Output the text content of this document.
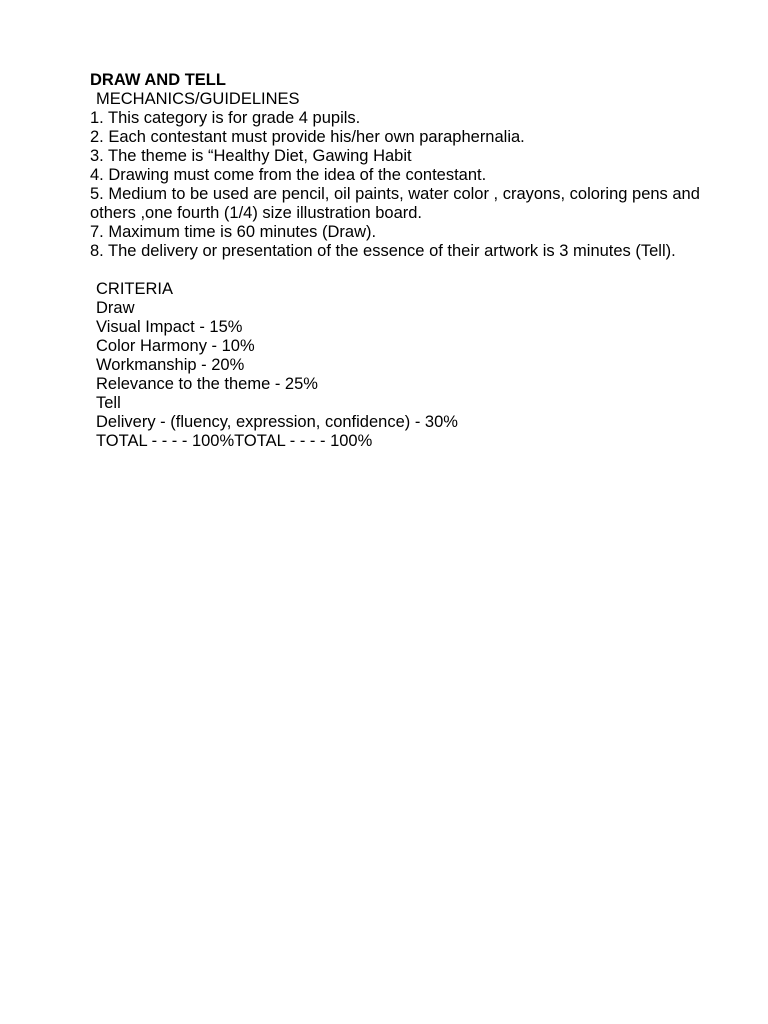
DRAW AND TELL

MECHANICS/GUIDELINES

1. This category is for grade 4 pupils.

2. Each contestant must provide his/her own paraphernalia.

3. The theme is “Healthy Diet, Gawing Habit

4. Drawing must come from the idea of the contestant.

5. Medium to be used are pencil, oil paints, water color , crayons, coloring pens and others ,one fourth (1/4) size illustration board.

7. Maximum time is 60 minutes (Draw).

8. The delivery or presentation of the essence of their artwork is 3 minutes (Tell).

CRITERIA

Draw

Visual Impact - 15%

Color Harmony - 10%

Workmanship - 20%

Relevance to the theme - 25%

Tell

Delivery - (fluency, expression, confidence) - 30%

TOTAL - - - - 100%TOTAL - - - - 100%
